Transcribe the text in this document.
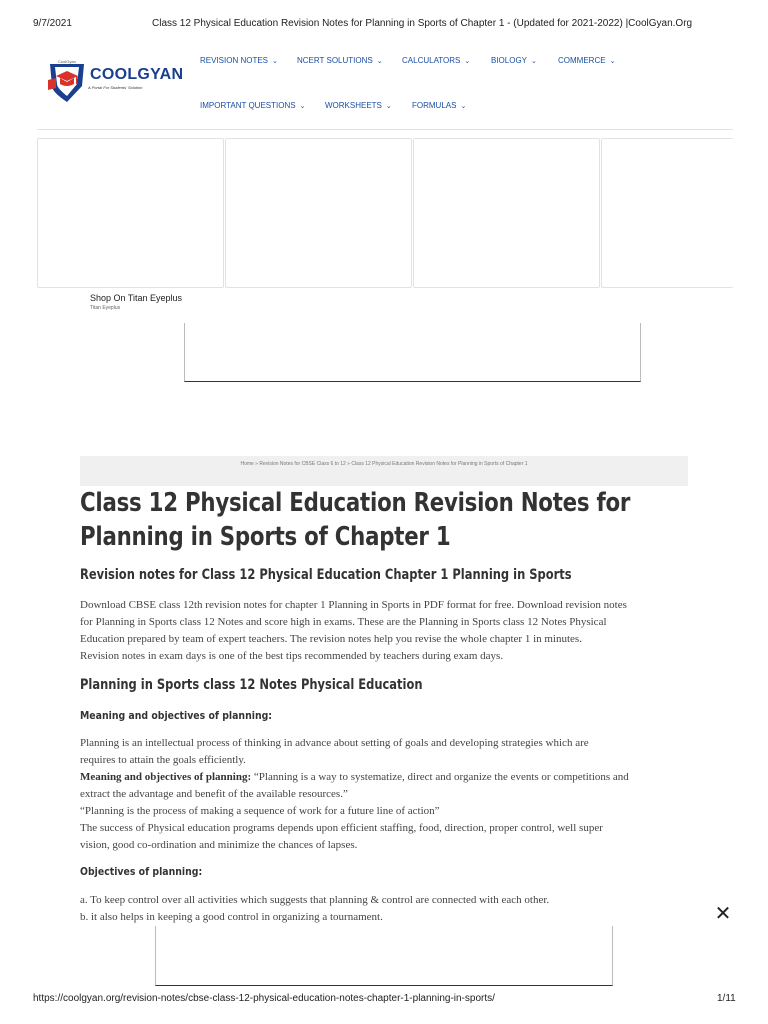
9/7/2021	Class 12 Physical Education Revision Notes for Planning in Sports of Chapter 1 - (Updated for 2021-2022) |CoolGyan.Org
CoolGyan
COOLGYAN
A Portal For Students' Solution
REVISION NOTES ⌄ NCERT SOLUTIONS ⌄ CALCULATORS ⌄	BIOLOGY ⌄	COMMERCE ⌄
IMPORTANT QUESTIONS ⌄ WORKSHEETS ⌄	FORMULAS ⌄
Shop On Titan Eyeplus
Titan Eyeplus
Home » Revision Notes for CBSE Class 6 to 12 » Class 12 Physical Education Revision Notes for Planning in Sports of Chapter 1
Class 12 Physical Education Revision Notes for
Planning in Sports of Chapter 1
Revision notes for Class 12 Physical Education Chapter 1 Planning in Sports
Download CBSE class 12th revision notes for chapter 1 Planning in Sports in PDF format for free. Download revision notes
for Planning in Sports class 12 Notes and score high in exams. These are the Planning in Sports class 12 Notes Physical
Education prepared by team of expert teachers. The revision notes help you revise the whole chapter 1 in minutes.
Revision notes in exam days is one of the best tips recommended by teachers during exam days.
Planning in Sports class 12 Notes Physical Education
Meaning and objectives of planning:
Planning is an intellectual process of thinking in advance about setting of goals and developing strategies which are
requires to attain the goals efficiently.
Meaning and objectives of planning: “Planning is a way to systematize, direct and organize the events or competitions and
extract the advantage and benefit of the available resources.”
“Planning is the process of making a sequence of work for a future line of action”
The success of Physical education programs depends upon efficient staffing, food, direction, proper control, well super
vision, good co-ordination and minimize the chances of lapses.
Objectives of planning:
a. To keep control over all activities which suggests that planning & control are connected with each other.
b. it also helps in keeping a good control in organizing a tournament.	✕
https://coolgyan.org/revision-notes/cbse-class-12-physical-education-notes-chapter-1-planning-in-sports/	1/11
